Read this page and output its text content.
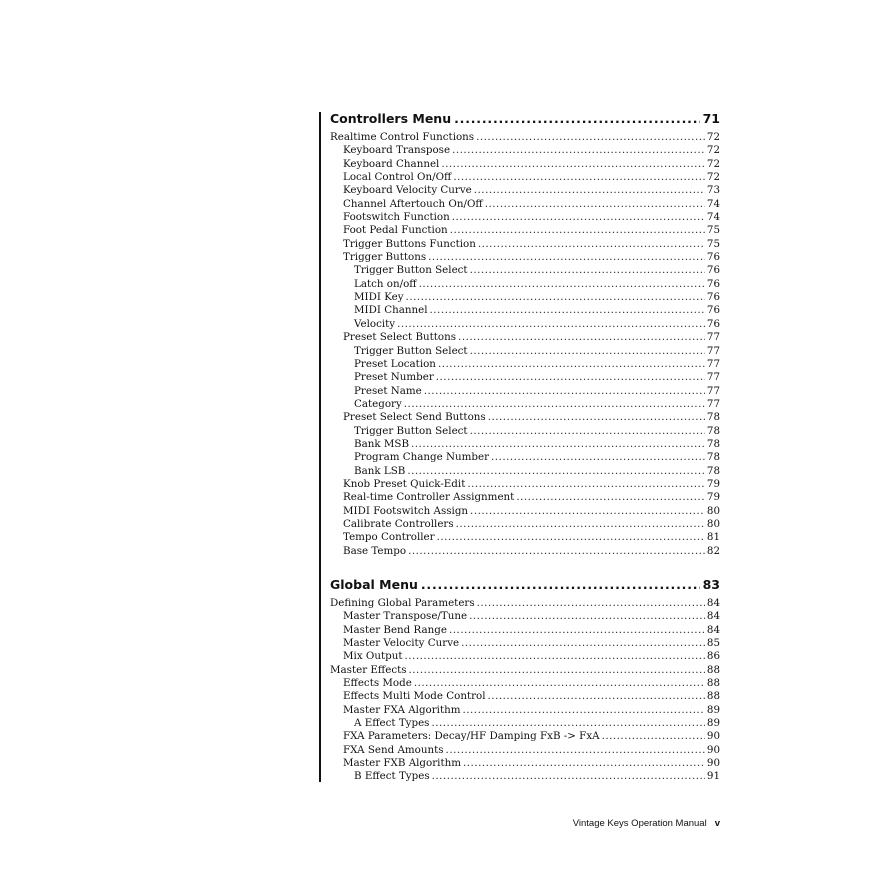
Controllers Menu .....	71
Realtime Control Functions .....	72
Keyboard Transpose .....	72
Keyboard Channel .....	72
Local Control On/Off .....	72
Keyboard Velocity Curve .....	73
Channel Aftertouch On/Off .....	74
Footswitch Function .....	74
Foot Pedal Function .....	75
Trigger Buttons Function .....	75
Trigger Buttons .....	76
Trigger Button Select .....	76
Latch on/off .....	76
MIDI Key .....	76
MIDI Channel .....	76
Velocity .....	76
Preset Select Buttons .....	77
Trigger Button Select .....	77
Preset Location .....	77
Preset Number .....	77
Preset Name .....	77
Category .....	77
Preset Select Send Buttons .....	78
Trigger Button Select .....	78
Bank MSB .....	78
Program Change Number .....	78
Bank LSB .....	78
Knob Preset Quick-Edit .....	79
Real-time Controller Assignment .....	79
MIDI Footswitch Assign .....	80
Calibrate Controllers .....	80
Tempo Controller .....	81
Base Tempo .....	82
Global Menu .....	83
Defining Global Parameters .....	84
Master Transpose/Tune .....	84
Master Bend Range .....	84
Master Velocity Curve .....	85
Mix Output .....	86
Master Effects .....	88
Effects Mode .....	88
Effects Multi Mode Control .....	88
Master FXA Algorithm .....	89
A Effect Types .....	89
FXA Parameters: Decay/HF Damping FxB -> FxA .....	90
FXA Send Amounts .....	90
Master FXB Algorithm .....	90
B Effect Types .....	91
Vintage Keys Operation Manual v
